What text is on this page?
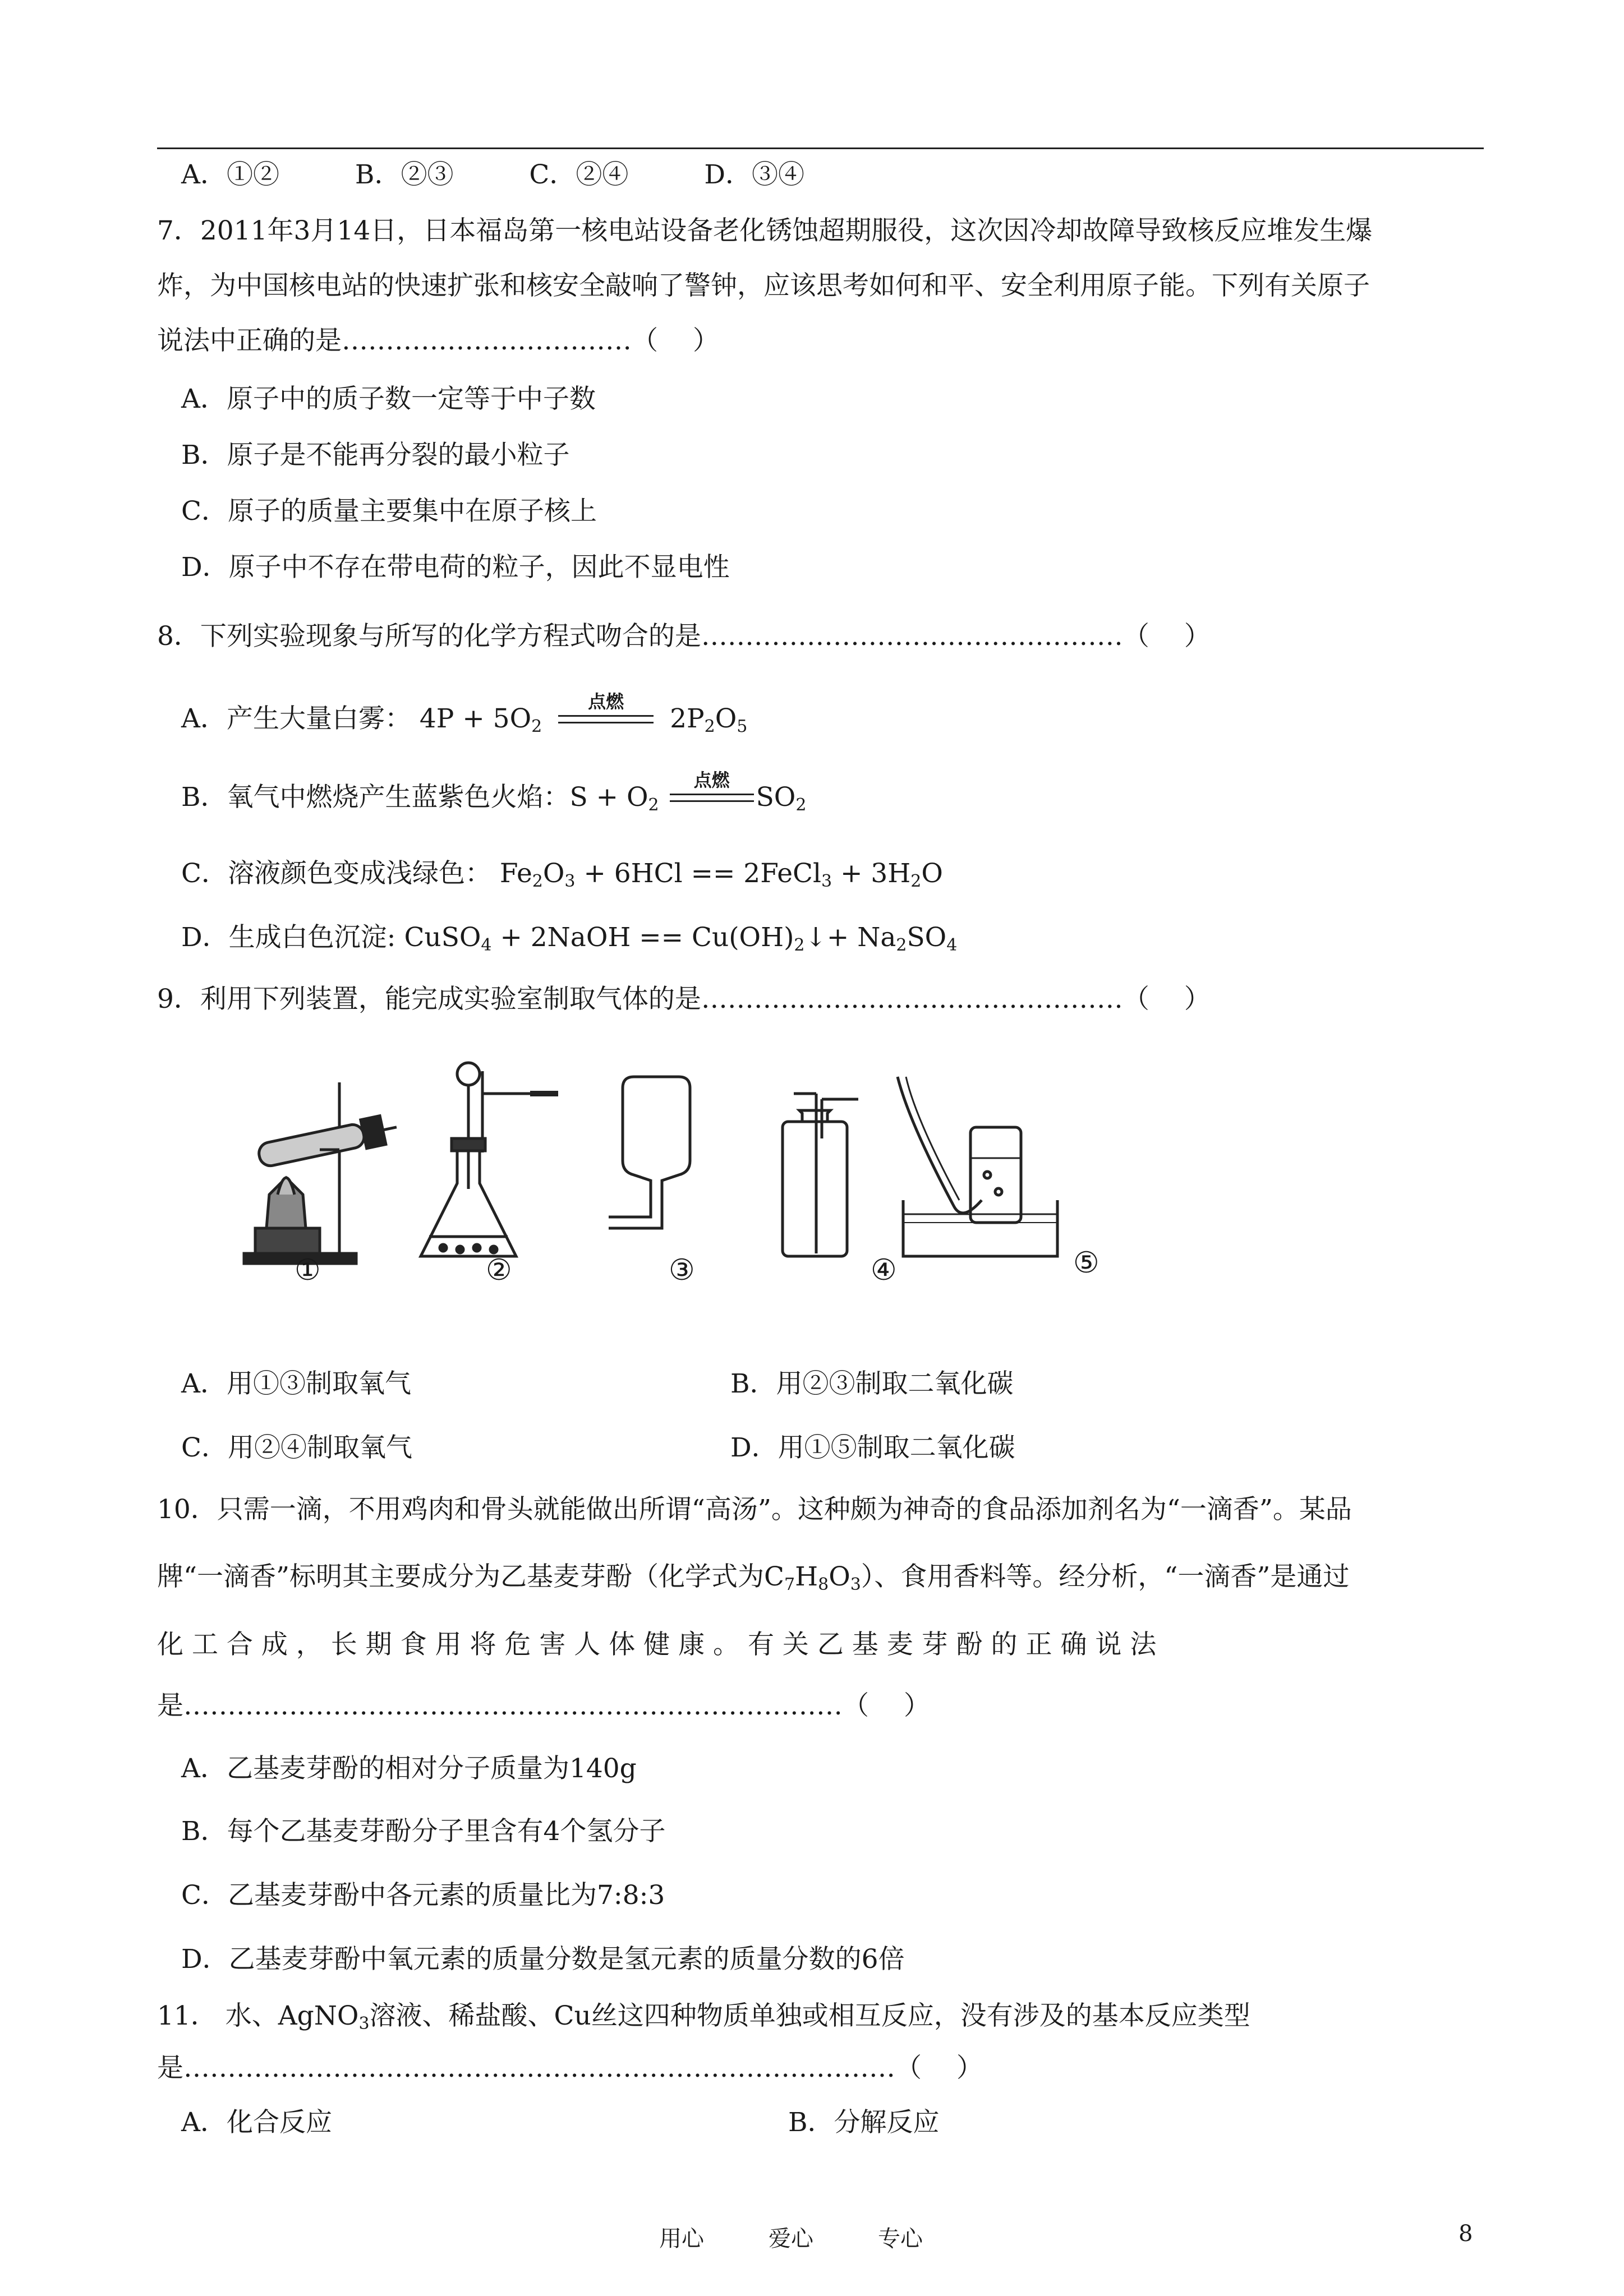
A．①②	B．②③	C．②④	D．③④
7．2011年3月14日，日本福岛第一核电站设备老化锈蚀超期服役，这次因冷却故障导致核反应堆发生爆
炸，为中国核电站的快速扩张和核安全敲响了警钟，应该思考如何和平、安全利用原子能。下列有关原子
说法中正确的是……………………………（　 ）
A．原子中的质子数一定等于中子数
B．原子是不能再分裂的最小粒子
C．原子的质量主要集中在原子核上
D．原子中不存在带电荷的粒子，因此不显电性
8．下列实验现象与所写的化学方程式吻合的是…………………………………………（　 ）
A．产生大量白雾： $4P + 5O_2$
点燃
$2P_2O_5$
B．氧气中燃烧产生蓝紫色火焰：$S + O_2$
点燃
$SO_2$
C．溶液颜色变成浅绿色： $Fe_2O_3 + 6HCl$ == 2FeCl$_3$ + $3H_2O$
D．生成白色沉淀: CuSO$_4$ + 2NaOH == $Cu(OH)_2↓+ Na_2SO_4$
9．利用下列装置，能完成实验室制取气体的是…………………………………………（　 ）
①	②	③	④	⑤
A．用①③制取氧气	B．用②③制取二氧化碳
C．用②④制取氧气	D．用①⑤制取二氧化碳
10．只需一滴，不用鸡肉和骨头就能做出所谓“高汤”。这种颇为神奇的食品添加剂名为“一滴香”。某品
牌“一滴香”标明其主要成分为乙基麦芽酚（化学式为$C_7H_8O_3$）、食用香料等。经分析，“一滴香”是通过
化 工 合 成 ， 长 期 食 用 将 危 害 人 体 健 康 。 有 关 乙 基 麦 芽 酚 的 正 确 说 法
是…………………………………………………………………（　 ）
A．乙基麦芽酚的相对分子质量为140g
B．每个乙基麦芽酚分子里含有4个氢分子
C．乙基麦芽酚中各元素的质量比为7:8:3
D．乙基麦芽酚中氧元素的质量分数是氢元素的质量分数的6倍
11． 水、AgNO$_3$溶液、稀盐酸、Cu丝这四种物质单独或相互反应，没有涉及的基本反应类型
是………………………………………………………………………（　 ）
A．化合反应	B．分解反应
用心	爱心	专心	8
